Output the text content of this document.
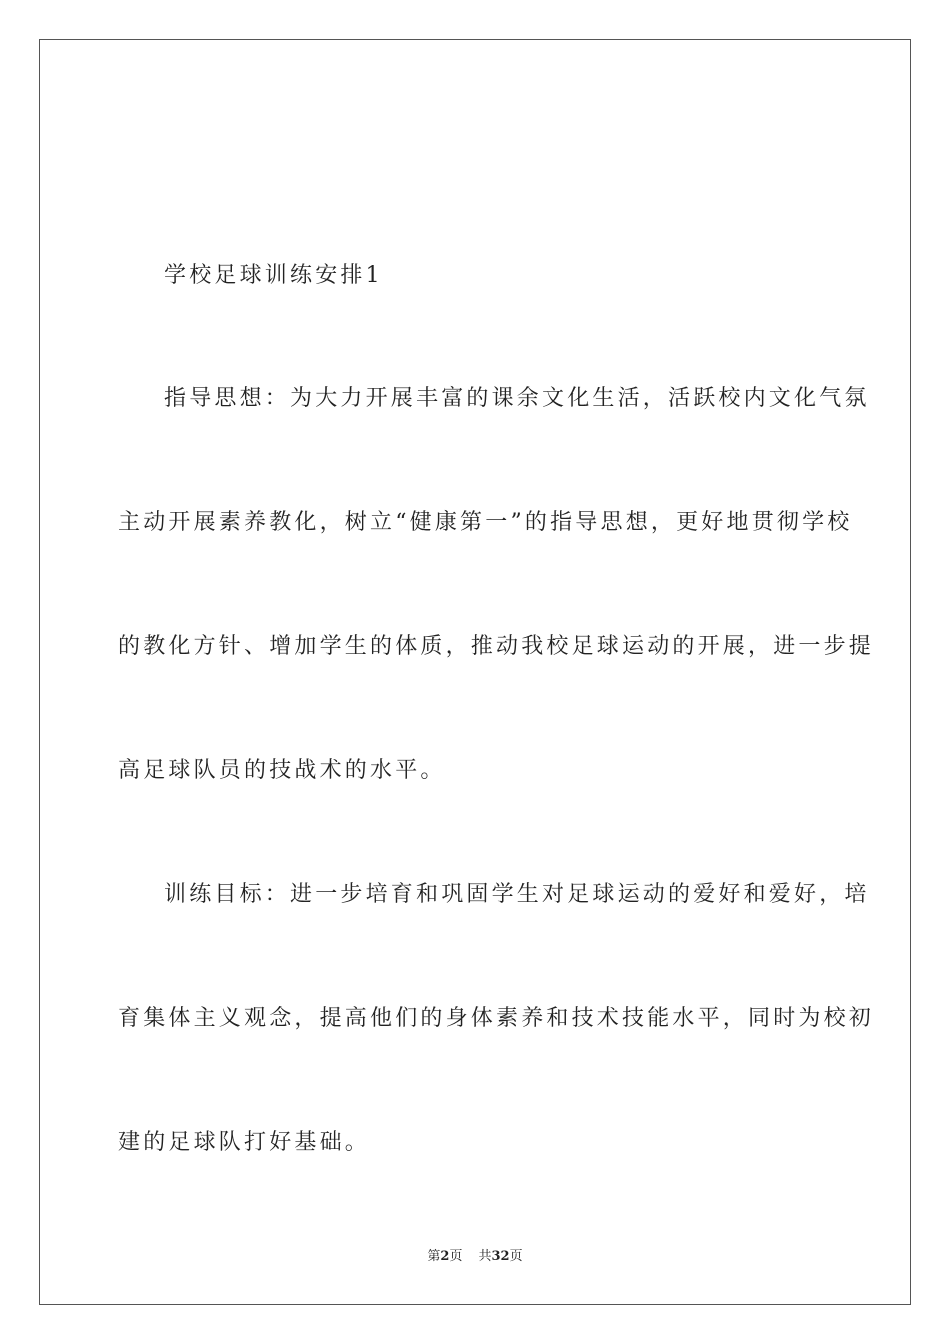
学校足球训练安排1
指导思想：为大力开展丰富的课余文化生活，活跃校内文化气氛
主动开展素养教化，树立“健康第一”的指导思想，更好地贯彻学校
的教化方针、增加学生的体质，推动我校足球运动的开展，进一步提
高足球队员的技战术的水平。
训练目标：进一步培育和巩固学生对足球运动的爱好和爱好，培
育集体主义观念，提高他们的身体素养和技术技能水平，同时为校初
建的足球队打好基础。
第2页 共32页
